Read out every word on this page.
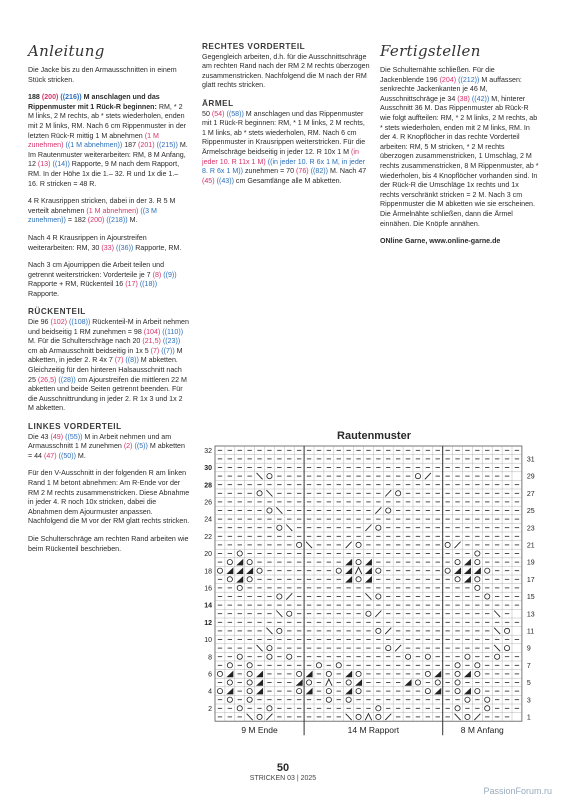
Anleitung

Die Jacke bis zu den Armausschnitten in einem Stück stricken.

188 (200) ((216)) M anschlagen und das Rippenmuster mit 1 Rück-R beginnen: RM, * 2 M links, 2 M rechts, ab * stets wiederholen, enden mit 2 M links, RM. Nach 6 cm Rippenmuster in der letzten Rück-R mittig 1 M abnehmen (1 M zunehmen) ((1 M abnehmen)) 187 (201) ((215)) M. Im Rautenmuster weiterarbeiten: RM, 8 M Anfang, 12 (13) ((14)) Rapporte, 9 M nach dem Rapport, RM. In der Höhe 1x die 1.– 32. R und 1x die 1.– 16. R stricken = 48 R.

4 R Krausrippen stricken, dabei in der 3. R 5 M verteilt abnehmen (1 M abnehmen) ((3 M zunehmen)) = 182 (200) ((218)) M.

Nach 4 R Krausrippen in Ajourstreifen weiterarbeiten: RM, 30 (33) ((36)) Rapporte, RM.

Nach 3 cm Ajourrippen die Arbeit teilen und getrennt weiterstricken: Vorderteile je 7 (8) ((9)) Rapporte + RM, Rückenteil 16 (17) ((18)) Rapporte.

RÜCKENTEIL

Die 96 (102) ((108)) Rückenteil-M in Arbeit nehmen und beidseitig 1 RM zunehmen = 98 (104) ((110)) M. Für die Schulterschräge nach 20 (21,5) ((23)) cm ab Armausschnitt beidseitig in 1x 5 (7) ((7)) M abketten, in jeder 2. R 4x 7 (7) ((8)) M abketten. Gleichzeitig für den hinteren Halsausschnitt nach 25 (26,5) ((28)) cm Ajourstreifen die mittleren 22 M abketten und beide Seiten getrennt beenden. Für die Ausschnittrundung in jeder 2. R 1x 3 und 1x 2 M abketten.

LINKES VORDERTEIL

Die 43 (49) ((55)) M in Arbeit nehmen und am Armausschnitt 1 M zunehmen (2) ((5)) M abketten = 44 (47) ((50)) M.

Für den V-Ausschnitt in der folgenden R am linken Rand 1 M betont abnehmen: Am R-Ende vor der RM 2 M rechts zusammenstricken. Diese Abnahme in jeder 4. R noch 10x stricken, dabei die Abnahmen dem Ajourmuster anpassen. Nachfolgend die M vor der RM glatt rechts stricken.

Die Schulterschräge am rechten Rand arbeiten wie beim Rückenteil beschrieben.

RECHTES VORDERTEIL

Gegengleich arbeiten, d.h. für die Ausschnittschräge am rechten Rand nach der RM 2 M rechts überzogen zusammenstricken. Nachfolgend die M nach der RM glatt rechts stricken.

ÄRMEL

50 (54) ((58)) M anschlagen und das Rippenmuster mit 1 Rück-R beginnen: RM, * 1 M links, 2 M rechts, 1 M links, ab * stets wiederholen, RM. Nach 6 cm Rippenmuster in Krausrippen weiterstricken. Für die Ärmelschräge beidseitig in jeder 12. R 10x 1 M (in jeder 10. R 11x 1 M) ((in jeder 10. R 6x 1 M, in jeder 8. R 6x 1 M)) zunehmen = 70 (76) ((82)) M. Nach 47 (45) ((43)) cm Gesamtlänge alle M abketten.

Fertigstellen

Die Schulternähte schließen. Für die Jackenblende 196 (204) ((212)) M auffassen: senkrechte Jackenkanten je 46 M, Ausschnittschräge je 34 (38) ((42)) M, hinterer Ausschnitt 36 M. Das Rippenmuster ab Rück-R wie folgt auffteilen: RM, * 2 M links, 2 M rechts, ab * stets wiederholen, enden mit 2 M links, RM. In der 4. R Knopflöcher in das rechte Vorderteil arbeiten: RM, 5 M stricken, * 2 M rechts überzogen zusammenstricken, 1 Umschlag, 2 M rechts zusammenstricken, 8 M Rippenmuster, ab * wiederholen, bis 4 Knopflöcher vorhanden sind. In der Rück-R die Umschläge 1x rechts und 1x rechts verschränkt stricken = 2 M. Nach 3 cm Rippenmuster die M abketten wie sie erscheinen. Die Ärmelnähte schließen, dann die Ärmel einnähen. Die Knöpfe annähen.

ONline Garne, www.online-garne.de

Rautenmuster
2
4
6
8
10
12
14
16
18
20
22
24
26
28
30
32
1
3
5
7
9
11
13
15
17
19
21
23
25
27
29
31
9 M Ende	14 M Rapport	8 M Anfang
50
STRICKEN 03 | 2025
PassionForum.ru
